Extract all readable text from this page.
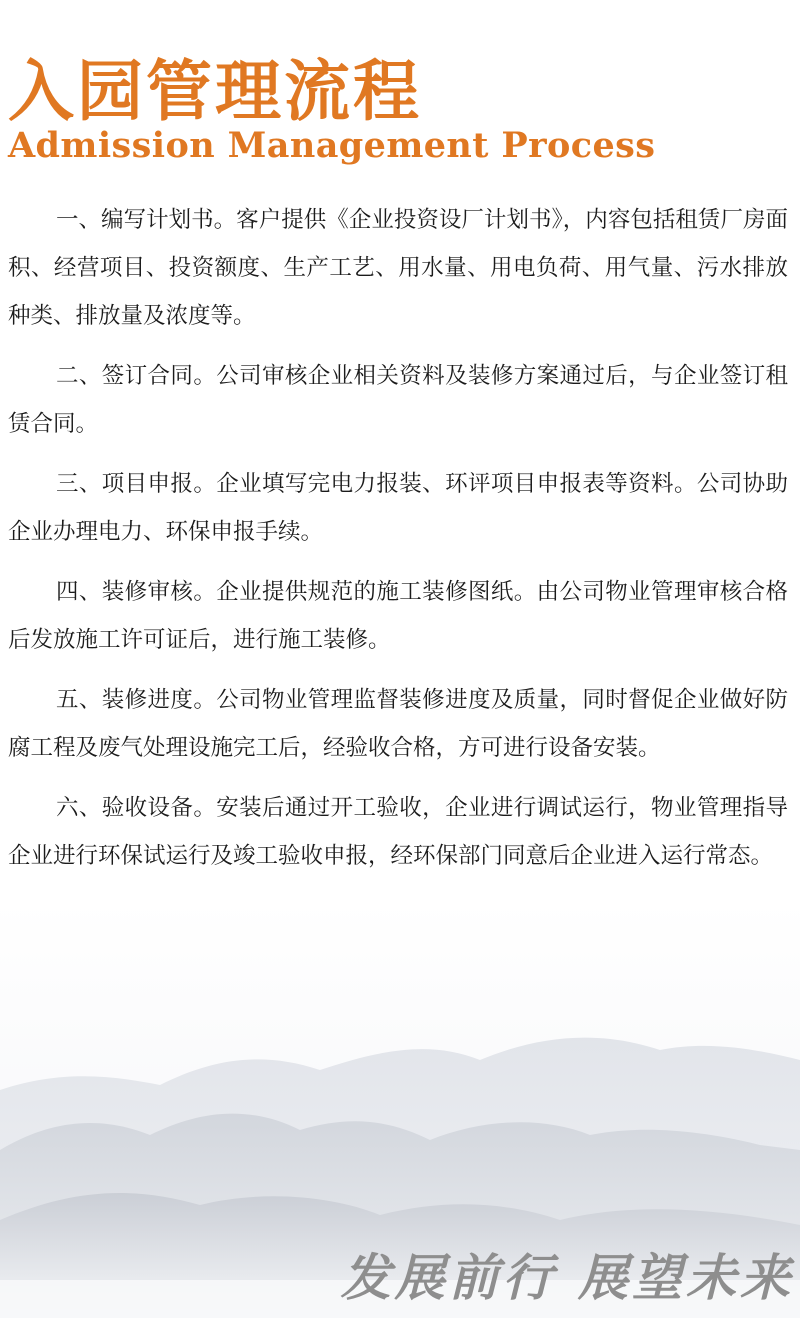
入园管理流程
Admission Management Process

一、编写计划书。客户提供《企业投资设厂计划书》，内容包括租赁厂房面积、经营项目、投资额度、生产工艺、用水量、用电负荷、用气量、污水排放种类、排放量及浓度等。

二、签订合同。公司审核企业相关资料及装修方案通过后，与企业签订租赁合同。

三、项目申报。企业填写完电力报装、环评项目申报表等资料。公司协助企业办理电力、环保申报手续。

四、装修审核。企业提供规范的施工装修图纸。由公司物业管理审核合格后发放施工许可证后，进行施工装修。

五、装修进度。公司物业管理监督装修进度及质量，同时督促企业做好防腐工程及废气处理设施完工后，经验收合格，方可进行设备安装。

六、验收设备。安装后通过开工验收，企业进行调试运行，物业管理指导企业进行环保试运行及竣工验收申报，经环保部门同意后企业进入运行常态。

发展前行 展望未来
